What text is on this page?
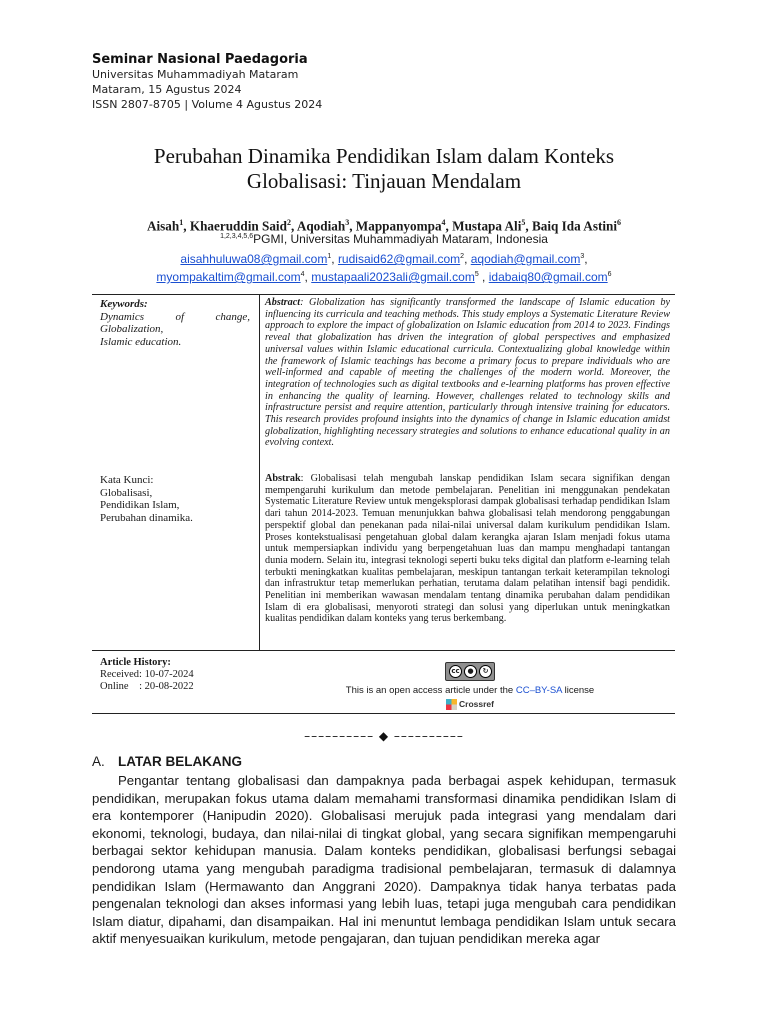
Seminar Nasional Paedagoria
Universitas Muhammadiyah Mataram
Mataram, 15 Agustus 2024
ISSN 2807-8705 | Volume 4 Agustus 2024
Perubahan Dinamika Pendidikan Islam dalam Konteks
Globalisasi: Tinjauan Mendalam
Aisah$^1$, Khaeruddin Said$^2$, Aqodiah$^3$, Mappanyompa$^4$, Mustapa Ali$^5$, Baiq Ida Astini$^6$
$^{1,2,3,4,5,6}$PGMI, Universitas Muhammadiyah Mataram, Indonesia
aisahhuluwa08@gmail.com$^1$, rudisaid62@gmail.com$^2$, aqodiah@gmail.com$^3$,
myompakaltim@gmail.com$^4$, mustapaali2023ali@gmail.com$^5$ , idabaiq80@gmail.com$^6$
Keywords:
Dynamics of change,
Globalization,
Islamic education.
Abstract: Globalization has significantly transformed the landscape of Islamic education by influencing its curricula and teaching methods. This study employs a Systematic Literature Review approach to explore the impact of globalization on Islamic education from 2014 to 2023. Findings reveal that globalization has driven the integration of global perspectives and emphasized universal values within Islamic educational curricula. Contextualizing global knowledge within the framework of Islamic teachings has become a primary focus to prepare individuals who are well-informed and capable of meeting the challenges of the modern world. Moreover, the integration of technologies such as digital textbooks and e-learning platforms has proven effective in enhancing the quality of learning. However, challenges related to technology skills and infrastructure persist and require attention, particularly through intensive training for educators. This research provides profound insights into the dynamics of change in Islamic education amidst globalization, highlighting necessary strategies and solutions to enhance educational quality in an evolving context.
Kata Kunci:
Globalisasi,
Pendidikan Islam,
Perubahan dinamika.
Abstrak: Globalisasi telah mengubah lanskap pendidikan Islam secara signifikan dengan mempengaruhi kurikulum dan metode pembelajaran. Penelitian ini menggunakan pendekatan Systematic Literature Review untuk mengeksplorasi dampak globalisasi terhadap pendidikan Islam dari tahun 2014-2023. Temuan menunjukkan bahwa globalisasi telah mendorong penggabungan perspektif global dan penekanan pada nilai-nilai universal dalam kurikulum pendidikan Islam. Proses kontekstualisasi pengetahuan global dalam kerangka ajaran Islam menjadi fokus utama untuk mempersiapkan individu yang berpengetahuan luas dan mampu menghadapi tantangan dunia modern. Selain itu, integrasi teknologi seperti buku teks digital dan platform e-learning telah terbukti meningkatkan kualitas pembelajaran, meskipun tantangan terkait keterampilan teknologi dan infrastruktur tetap memerlukan perhatian, terutama dalam pelatihan intensif bagi pendidik. Penelitian ini memberikan wawasan mendalam tentang dinamika perubahan dalam pendidikan Islam di era globalisasi, menyoroti strategi dan solusi yang diperlukan untuk meningkatkan kualitas pendidikan dalam konteks yang terus berkembang.
Article History:
Received: 10-07-2024
Online    : 20-08-2022
cc	●	↻
This is an open access article under the CC–BY-SA license
Crossref
–––––––––– ◆ ––––––––––
A. LATAR BELAKANG

Pengantar tentang globalisasi dan dampaknya pada berbagai aspek kehidupan, termasuk pendidikan, merupakan fokus utama dalam memahami transformasi dinamika pendidikan Islam di era kontemporer (Hanipudin 2020). Globalisasi merujuk pada integrasi yang mendalam dari ekonomi, teknologi, budaya, dan nilai-nilai di tingkat global, yang secara signifikan mempengaruhi berbagai sektor kehidupan manusia. Dalam konteks pendidikan, globalisasi berfungsi sebagai pendorong utama yang mengubah paradigma tradisional pembelajaran, termasuk di dalamnya pendidikan Islam (Hermawanto dan Anggrani 2020). Dampaknya tidak hanya terbatas pada pengenalan teknologi dan akses informasi yang lebih luas, tetapi juga mengubah cara pendidikan Islam diatur, dipahami, dan disampaikan. Hal ini menuntut lembaga pendidikan Islam untuk secara aktif menyesuaikan kurikulum, metode pengajaran, dan tujuan pendidikan mereka agar
